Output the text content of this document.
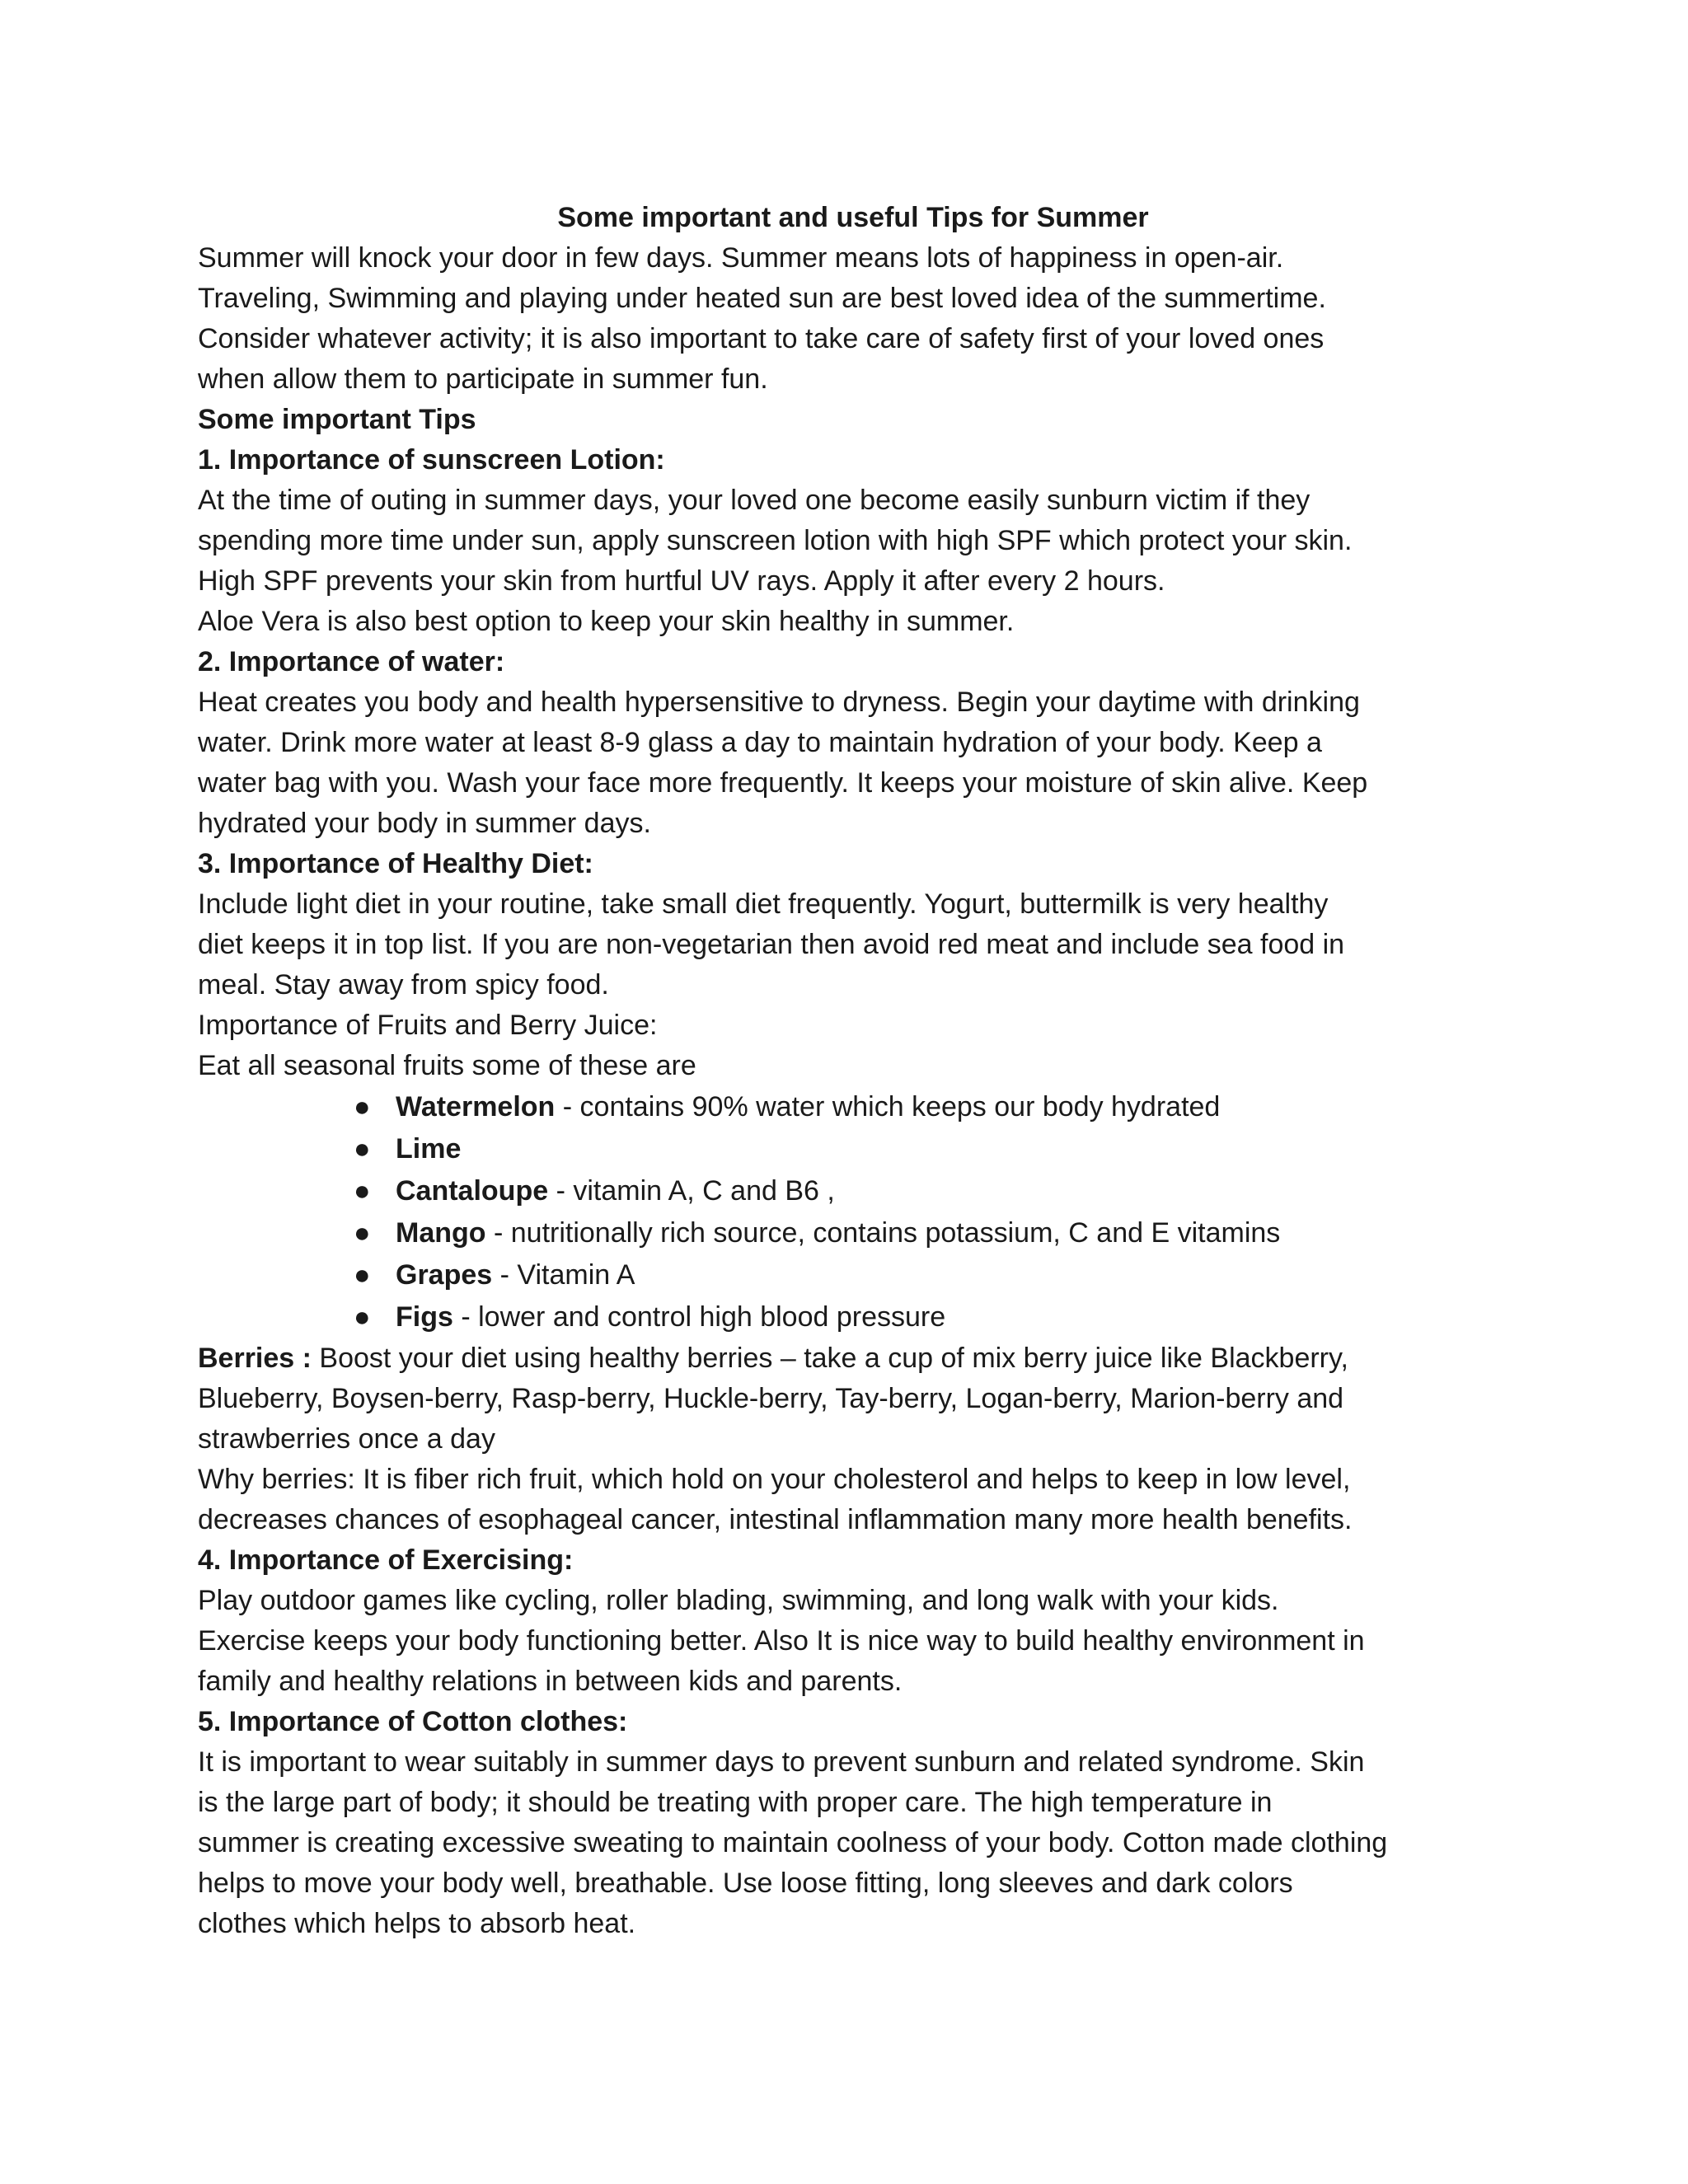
Some important and useful Tips for Summer

Summer will knock your door in few days. Summer means lots of happiness in open-air.

Traveling, Swimming and playing under heated sun are best loved idea of the summertime.

Consider whatever activity; it is also important to take care of safety first of your loved ones

when allow them to participate in summer fun.

Some important Tips

1. Importance of sunscreen Lotion:

At the time of outing in summer days, your loved one become easily sunburn victim if they

spending more time under sun, apply sunscreen lotion with high SPF which protect your skin.

High SPF prevents your skin from hurtful UV rays. Apply it after every 2 hours.

Aloe Vera is also best option to keep your skin healthy in summer.

2. Importance of water:

Heat creates you body and health hypersensitive to dryness. Begin your daytime with drinking

water. Drink more water at least 8-9 glass a day to maintain hydration of your body. Keep a

water bag with you. Wash your face more frequently. It keeps your moisture of skin alive. Keep

hydrated your body in summer days.

3. Importance of Healthy Diet:

Include light diet in your routine, take small diet frequently. Yogurt, buttermilk is very healthy

diet keeps it in top list. If you are non-vegetarian then avoid red meat and include sea food in

meal. Stay away from spicy food.

Importance of Fruits and Berry Juice:

Eat all seasonal fruits some of these are

● Watermelon - contains 90% water which keeps our body hydrated
● Lime
● Cantaloupe - vitamin A, C and B6 ,
● Mango - nutritionally rich source, contains potassium, C and E vitamins
● Grapes - Vitamin A
● Figs - lower and control high blood pressure

Berries : Boost your diet using healthy berries – take a cup of mix berry juice like Blackberry,

Blueberry, Boysen-berry, Rasp-berry, Huckle-berry, Tay-berry, Logan-berry, Marion-berry and

strawberries once a day

Why berries: It is fiber rich fruit, which hold on your cholesterol and helps to keep in low level,

decreases chances of esophageal cancer, intestinal inflammation many more health benefits.

4. Importance of Exercising:

Play outdoor games like cycling, roller blading, swimming, and long walk with your kids.

Exercise keeps your body functioning better. Also It is nice way to build healthy environment in

family and healthy relations in between kids and parents.

5. Importance of Cotton clothes:

It is important to wear suitably in summer days to prevent sunburn and related syndrome. Skin

is the large part of body; it should be treating with proper care. The high temperature in

summer is creating excessive sweating to maintain coolness of your body. Cotton made clothing

helps to move your body well, breathable. Use loose fitting, long sleeves and dark colors

clothes which helps to absorb heat.
